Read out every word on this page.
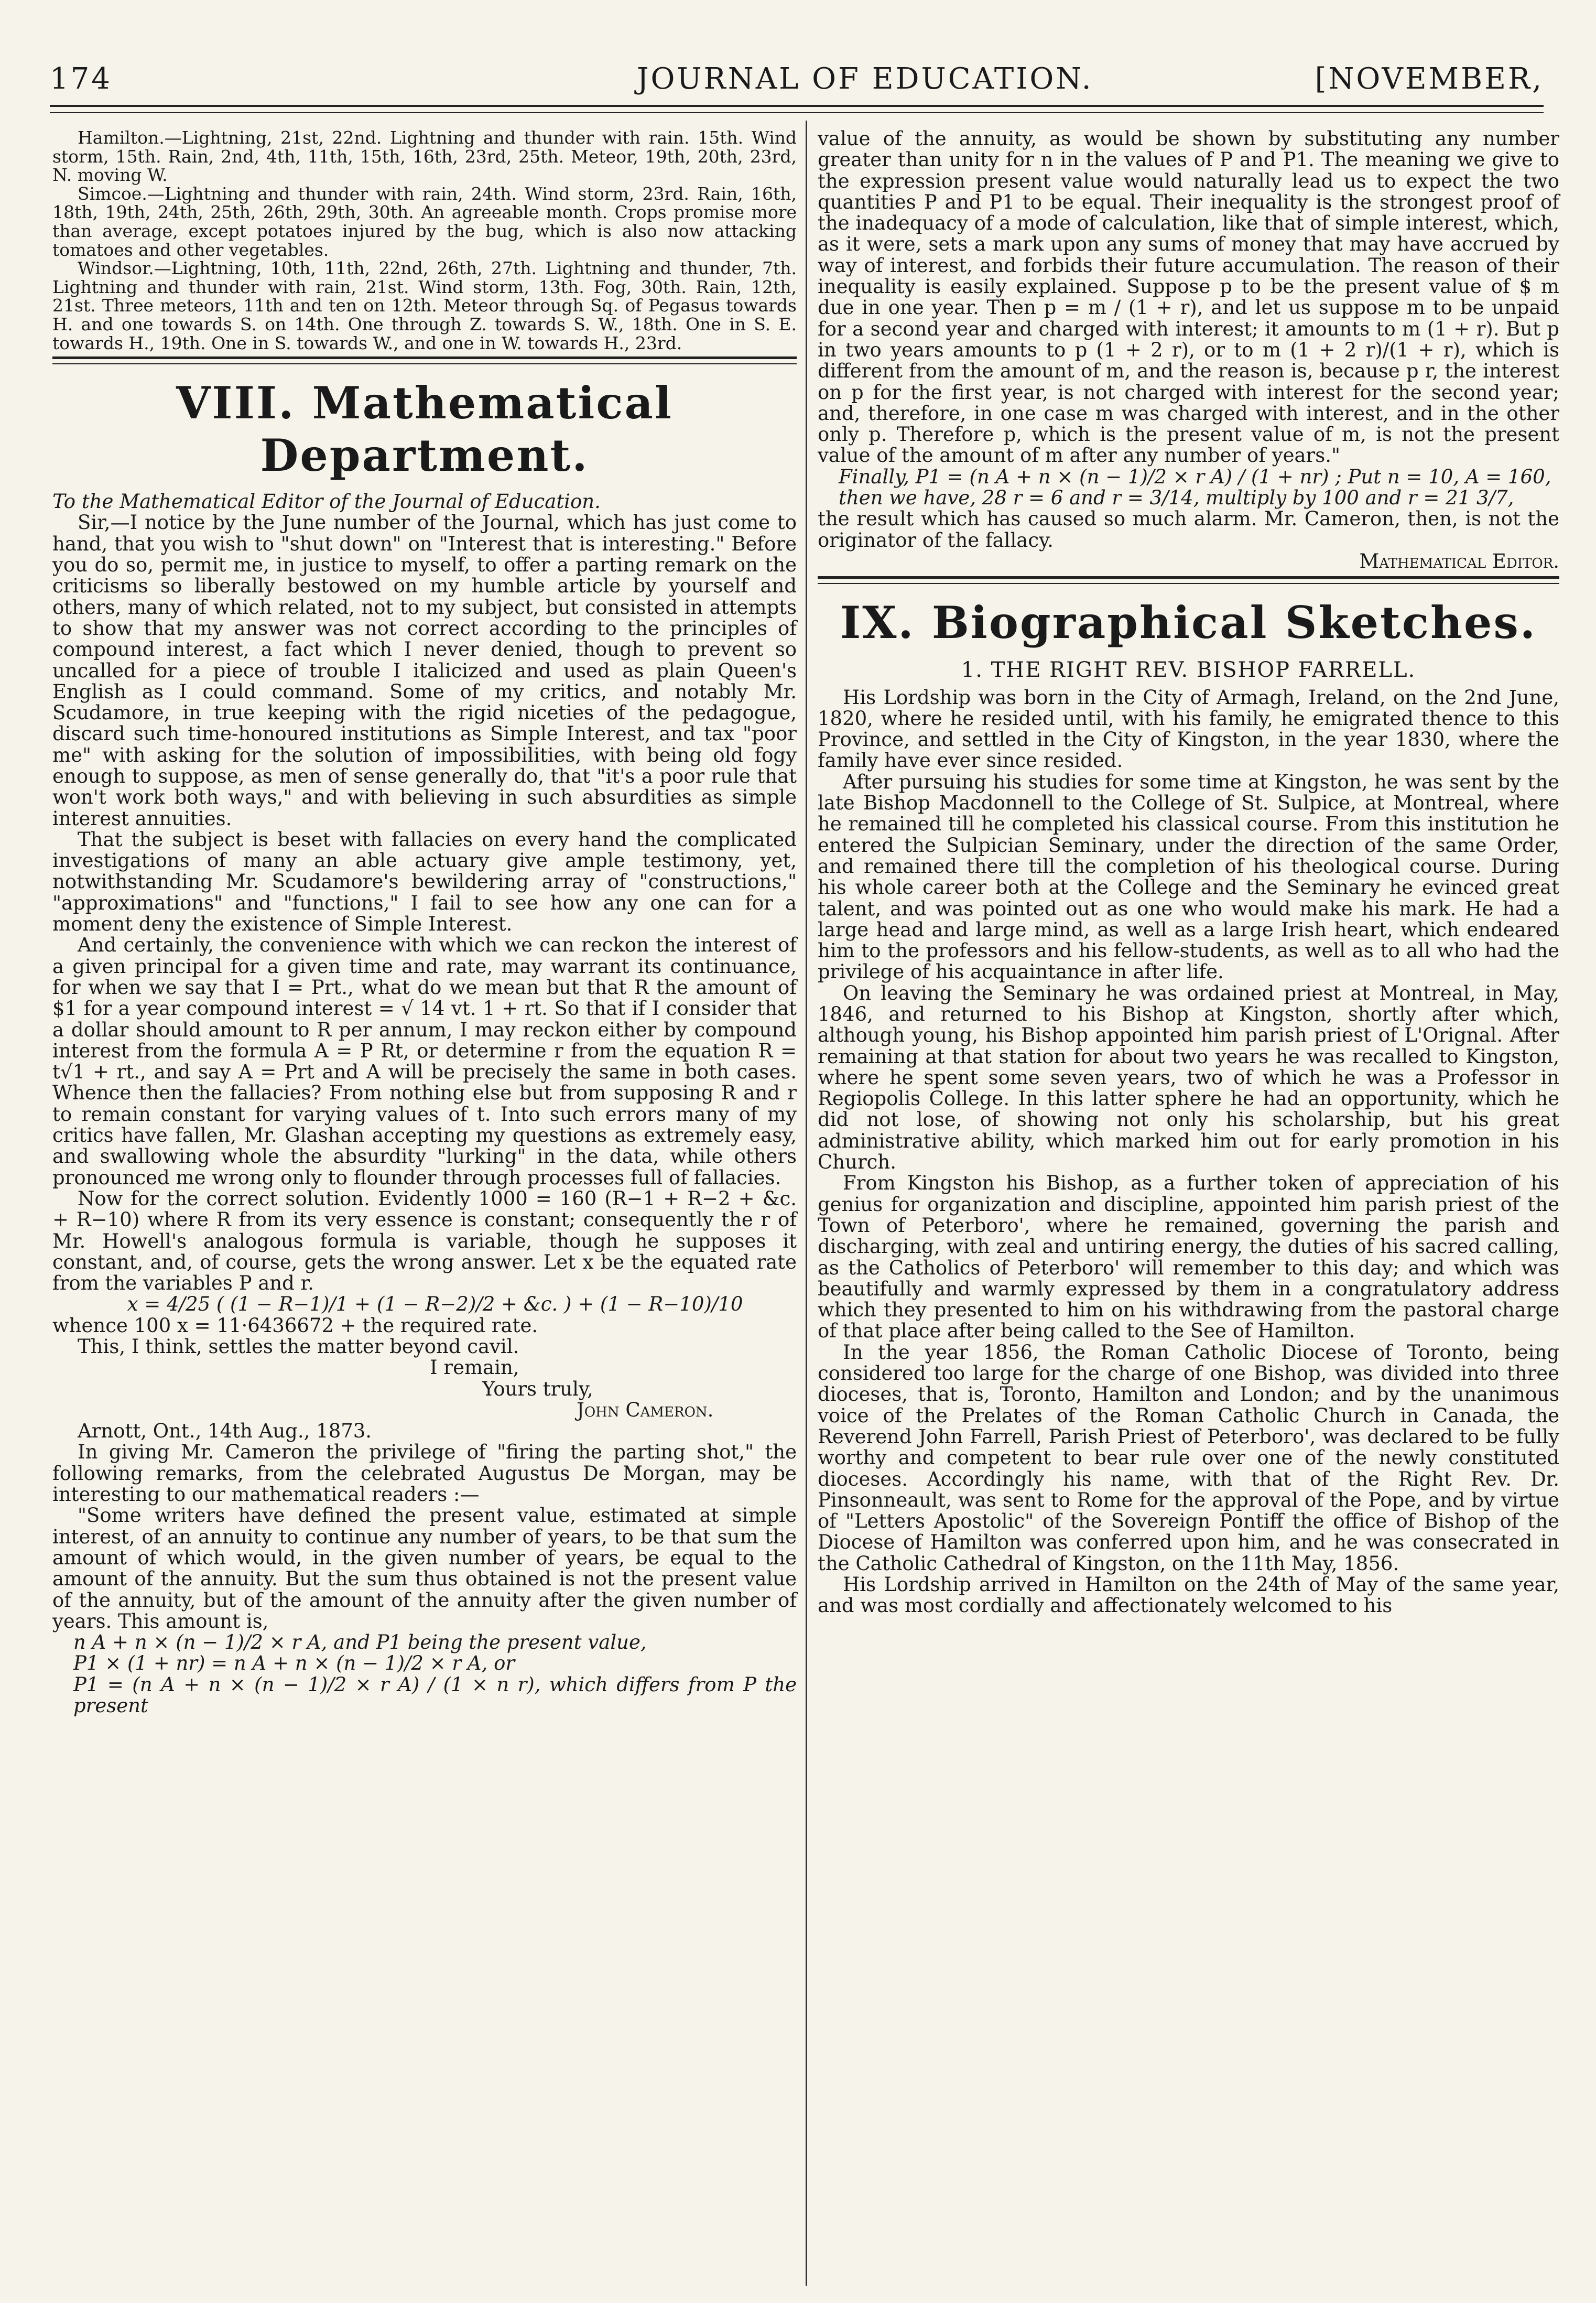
174	JOURNAL OF EDUCATION.	[NOVEMBER,

Hamilton.—Lightning, 21st, 22nd. Lightning and thunder with rain. 15th. Wind storm, 15th. Rain, 2nd, 4th, 11th, 15th, 16th, 23rd, 25th. Meteor, 19th, 20th, 23rd, N. moving W.

Simcoe.—Lightning and thunder with rain, 24th. Wind storm, 23rd. Rain, 16th, 18th, 19th, 24th, 25th, 26th, 29th, 30th. An agreeable month. Crops promise more than average, except potatoes injured by the bug, which is also now attacking tomatoes and other vegetables.

Windsor.—Lightning, 10th, 11th, 22nd, 26th, 27th. Lightning and thunder, 7th. Lightning and thunder with rain, 21st. Wind storm, 13th. Fog, 30th. Rain, 12th, 21st. Three meteors, 11th and ten on 12th. Meteor through Sq. of Pegasus towards H. and one towards S. on 14th. One through Z. towards S. W., 18th. One in S. E. towards H., 19th. One in S. towards W., and one in W. towards H., 23rd.

VIII. Mathematical Department.

To the Mathematical Editor of the Journal of Education.

Sir,—I notice by the June number of the Journal, which has just come to hand, that you wish to "shut down" on "Interest that is interesting." Before you do so, permit me, in justice to myself, to offer a parting remark on the criticisms so liberally bestowed on my humble article by yourself and others, many of which related, not to my subject, but consisted in attempts to show that my answer was not correct according to the principles of compound interest, a fact which I never denied, though to prevent so uncalled for a piece of trouble I italicized and used as plain Queen's English as I could command. Some of my critics, and notably Mr. Scudamore, in true keeping with the rigid niceties of the pedagogue, discard such time-honoured institutions as Simple Interest, and tax "poor me" with asking for the solution of impossibilities, with being old fogy enough to suppose, as men of sense generally do, that "it's a poor rule that won't work both ways," and with believing in such absurdities as simple interest annuities.

That the subject is beset with fallacies on every hand the complicated investigations of many an able actuary give ample testimony, yet, notwithstanding Mr. Scudamore's bewildering array of "constructions," "approximations" and "functions," I fail to see how any one can for a moment deny the existence of Simple Interest.

And certainly, the convenience with which we can reckon the interest of a given principal for a given time and rate, may warrant its continuance, for when we say that I = Prt., what do we mean but that R the amount of $1 for a year compound interest = √ 14 vt. 1 + rt. So that if I consider that a dollar should amount to R per annum, I may reckon either by compound interest from the formula A = P Rt, or determine r from the equation R = t√1 + rt., and say A = Prt and A will be precisely the same in both cases. Whence then the fallacies? From nothing else but from supposing R and r to remain constant for varying values of t. Into such errors many of my critics have fallen, Mr. Glashan accepting my questions as extremely easy, and swallowing whole the absurdity "lurking" in the data, while others pronounced me wrong only to flounder through processes full of fallacies.

Now for the correct solution. Evidently 1000 = 160 (R−1 + R−2 + &c. + R−10) where R from its very essence is constant; consequently the r of Mr. Howell's analogous formula is variable, though he supposes it constant, and, of course, gets the wrong answer. Let x be the equated rate from the variables P and r.

x = 4/25 ( (1 − R−1)/1 + (1 − R−2)/2 + &c. ) + (1 − R−10)/10

whence 100 x = 11·6436672 + the required rate.

This, I think, settles the matter beyond cavil.

I remain,

Yours truly,

John Cameron.

Arnott, Ont., 14th Aug., 1873.

In giving Mr. Cameron the privilege of "firing the parting shot," the following remarks, from the celebrated Augustus De Morgan, may be interesting to our mathematical readers :—

"Some writers have defined the present value, estimated at simple interest, of an annuity to continue any number of years, to be that sum the amount of which would, in the given number of years, be equal to the amount of the annuity. But the sum thus obtained is not the present value of the annuity, but of the amount of the annuity after the given number of years. This amount is,

n A + n × (n − 1)/2 × r A, and P1 being the present value,

P1 × (1 + nr) = n A + n × (n − 1)/2 × r A, or

P1 = (n A + n × (n − 1)/2 × r A) / (1 × n r), which differs from P the present

value of the annuity, as would be shown by substituting any number greater than unity for n in the values of P and P1. The meaning we give to the expression present value would naturally lead us to expect the two quantities P and P1 to be equal. Their inequality is the strongest proof of the inadequacy of a mode of calculation, like that of simple interest, which, as it were, sets a mark upon any sums of money that may have accrued by way of interest, and forbids their future accumulation. The reason of their inequality is easily explained. Suppose p to be the present value of $ m due in one year. Then p = m / (1 + r), and let us suppose m to be unpaid for a second year and charged with interest; it amounts to m (1 + r). But p in two years amounts to p (1 + 2 r), or to m (1 + 2 r)/(1 + r), which is different from the amount of m, and the reason is, because p r, the interest on p for the first year, is not charged with interest for the second year; and, therefore, in one case m was charged with interest, and in the other only p. Therefore p, which is the present value of m, is not the present value of the amount of m after any number of years."

Finally, P1 = (n A + n × (n − 1)/2 × r A) / (1 + nr) ; Put n = 10, A = 160,

then we have, 28 r = 6 and r = 3/14, multiply by 100 and r = 21 3/7,

the result which has caused so much alarm. Mr. Cameron, then, is not the originator of the fallacy.

Mathematical Editor.

IX. Biographical Sketches.
1. THE RIGHT REV. BISHOP FARRELL.

His Lordship was born in the City of Armagh, Ireland, on the 2nd June, 1820, where he resided until, with his family, he emigrated thence to this Province, and settled in the City of Kingston, in the year 1830, where the family have ever since resided.

After pursuing his studies for some time at Kingston, he was sent by the late Bishop Macdonnell to the College of St. Sulpice, at Montreal, where he remained till he completed his classical course. From this institution he entered the Sulpician Seminary, under the direction of the same Order, and remained there till the completion of his theological course. During his whole career both at the College and the Seminary he evinced great talent, and was pointed out as one who would make his mark. He had a large head and large mind, as well as a large Irish heart, which endeared him to the professors and his fellow-students, as well as to all who had the privilege of his acquaintance in after life.

On leaving the Seminary he was ordained priest at Montreal, in May, 1846, and returned to his Bishop at Kingston, shortly after which, although young, his Bishop appointed him parish priest of L'Orignal. After remaining at that station for about two years he was recalled to Kingston, where he spent some seven years, two of which he was a Professor in Regiopolis College. In this latter sphere he had an opportunity, which he did not lose, of showing not only his scholarship, but his great administrative ability, which marked him out for early promotion in his Church.

From Kingston his Bishop, as a further token of appreciation of his genius for organization and discipline, appointed him parish priest of the Town of Peterboro', where he remained, governing the parish and discharging, with zeal and untiring energy, the duties of his sacred calling, as the Catholics of Peterboro' will remember to this day; and which was beautifully and warmly expressed by them in a congratulatory address which they presented to him on his withdrawing from the pastoral charge of that place after being called to the See of Hamilton.

In the year 1856, the Roman Catholic Diocese of Toronto, being considered too large for the charge of one Bishop, was divided into three dioceses, that is, Toronto, Hamilton and London; and by the unanimous voice of the Prelates of the Roman Catholic Church in Canada, the Reverend John Farrell, Parish Priest of Peterboro', was declared to be fully worthy and competent to bear rule over one of the newly constituted dioceses. Accordingly his name, with that of the Right Rev. Dr. Pinsonneault, was sent to Rome for the approval of the Pope, and by virtue of "Letters Apostolic" of the Sovereign Pontiff the office of Bishop of the Diocese of Hamilton was conferred upon him, and he was consecrated in the Catholic Cathedral of Kingston, on the 11th May, 1856.

His Lordship arrived in Hamilton on the 24th of May of the same year, and was most cordially and affectionately welcomed to his
